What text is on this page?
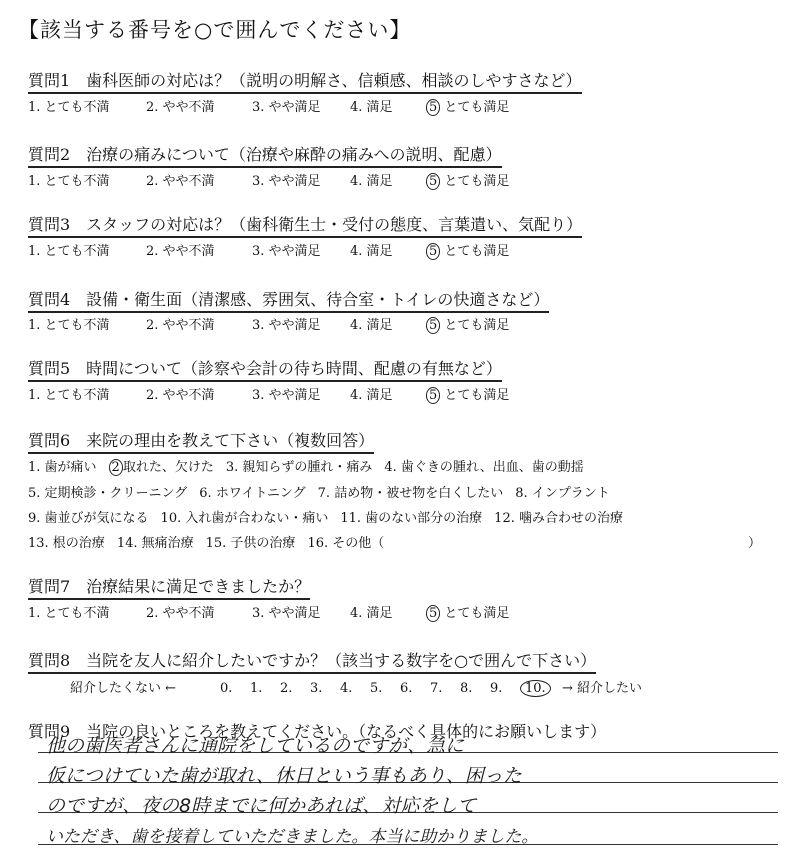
【該当する番号を○で囲んでください】
質問1　歯科医師の対応は？（説明の明解さ、信頼感、相談のしやすさなど）
1. とても不満	2. やや不満	3. やや満足 4. 満足	5 とても満足
質問2　治療の痛みについて（治療や麻酔の痛みへの説明、配慮）
1. とても不満	2. やや不満	3. やや満足 4. 満足	5 とても満足
質問3　スタッフの対応は？（歯科衛生士・受付の態度、言葉遣い、気配り）
1. とても不満	2. やや不満	3. やや満足 4. 満足	5 とても満足
質問4　設備・衛生面（清潔感、雰囲気、待合室・トイレの快適さなど）
1. とても不満	2. やや不満	3. やや満足 4. 満足	5 とても満足
質問5　時間について（診察や会計の待ち時間、配慮の有無など）
1. とても不満	2. やや不満	3. やや満足 4. 満足	5 とても満足
質問6　来院の理由を教えて下さい（複数回答）
1. 歯が痛い 2 取れた、欠けた 3. 親知らずの腫れ・痛み 4. 歯ぐきの腫れ、出血、歯の動揺
5. 定期検診・クリーニング 6. ホワイトニング 7. 詰め物・被せ物を白くしたい 8. インプラント
9. 歯並びが気になる 10. 入れ歯が合わない・痛い 11. 歯のない部分の治療 12. 噛み合わせの治療
13. 根の治療 14. 無痛治療 15. 子供の治療 16. その他（	）
質問7　治療結果に満足できましたか？
1. とても不満	2. やや不満	3. やや満足 4. 満足	5 とても満足
質問8　当院を友人に紹介したいですか？（該当する数字を○で囲んで下さい）
紹介したくない ←	0. 1. 2. 3. 4. 5. 6. 7. 8. 9. 10. → 紹介したい
質問9　当院の良いところを教えてください。（なるべく具体的にお願いします）
他の歯医者さんに通院をしているのですが、急に
仮につけていた歯が取れ、休日という事もあり、困った
のですが、夜の8時までに何かあれば、対応をして
いただき、歯を接着していただきました。本当に助かりました。
